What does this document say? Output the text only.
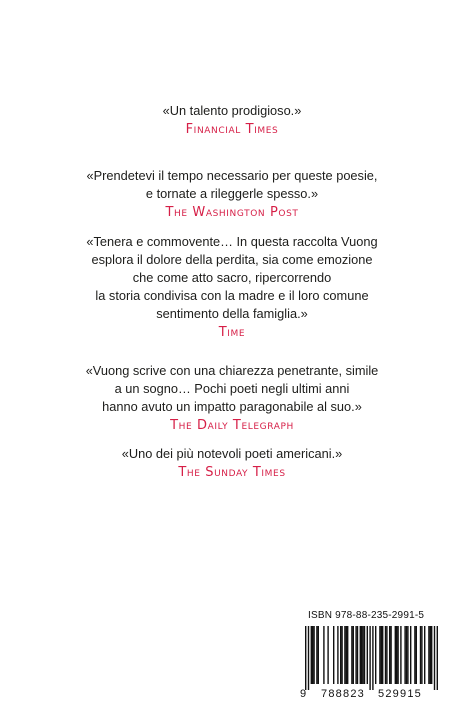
«Un talento prodigioso.»
Financial Times
«Prendetevi il tempo necessario per queste poesie,
e tornate a rileggerle spesso.»
The Washington Post
«Tenera e commovente… In questa raccolta Vuong
esplora il dolore della perdita, sia come emozione
che come atto sacro, ripercorrendo
la storia condivisa con la madre e il loro comune
sentimento della famiglia.»
Time
«Vuong scrive con una chiarezza penetrante, simile
a un sogno… Pochi poeti negli ultimi anni
hanno avuto un impatto paragonabile al suo.»
The Daily Telegraph
«Uno dei più notevoli poeti americani.»
The Sunday Times
ISBN 978-88-235-2991-5
9 788823 529915
